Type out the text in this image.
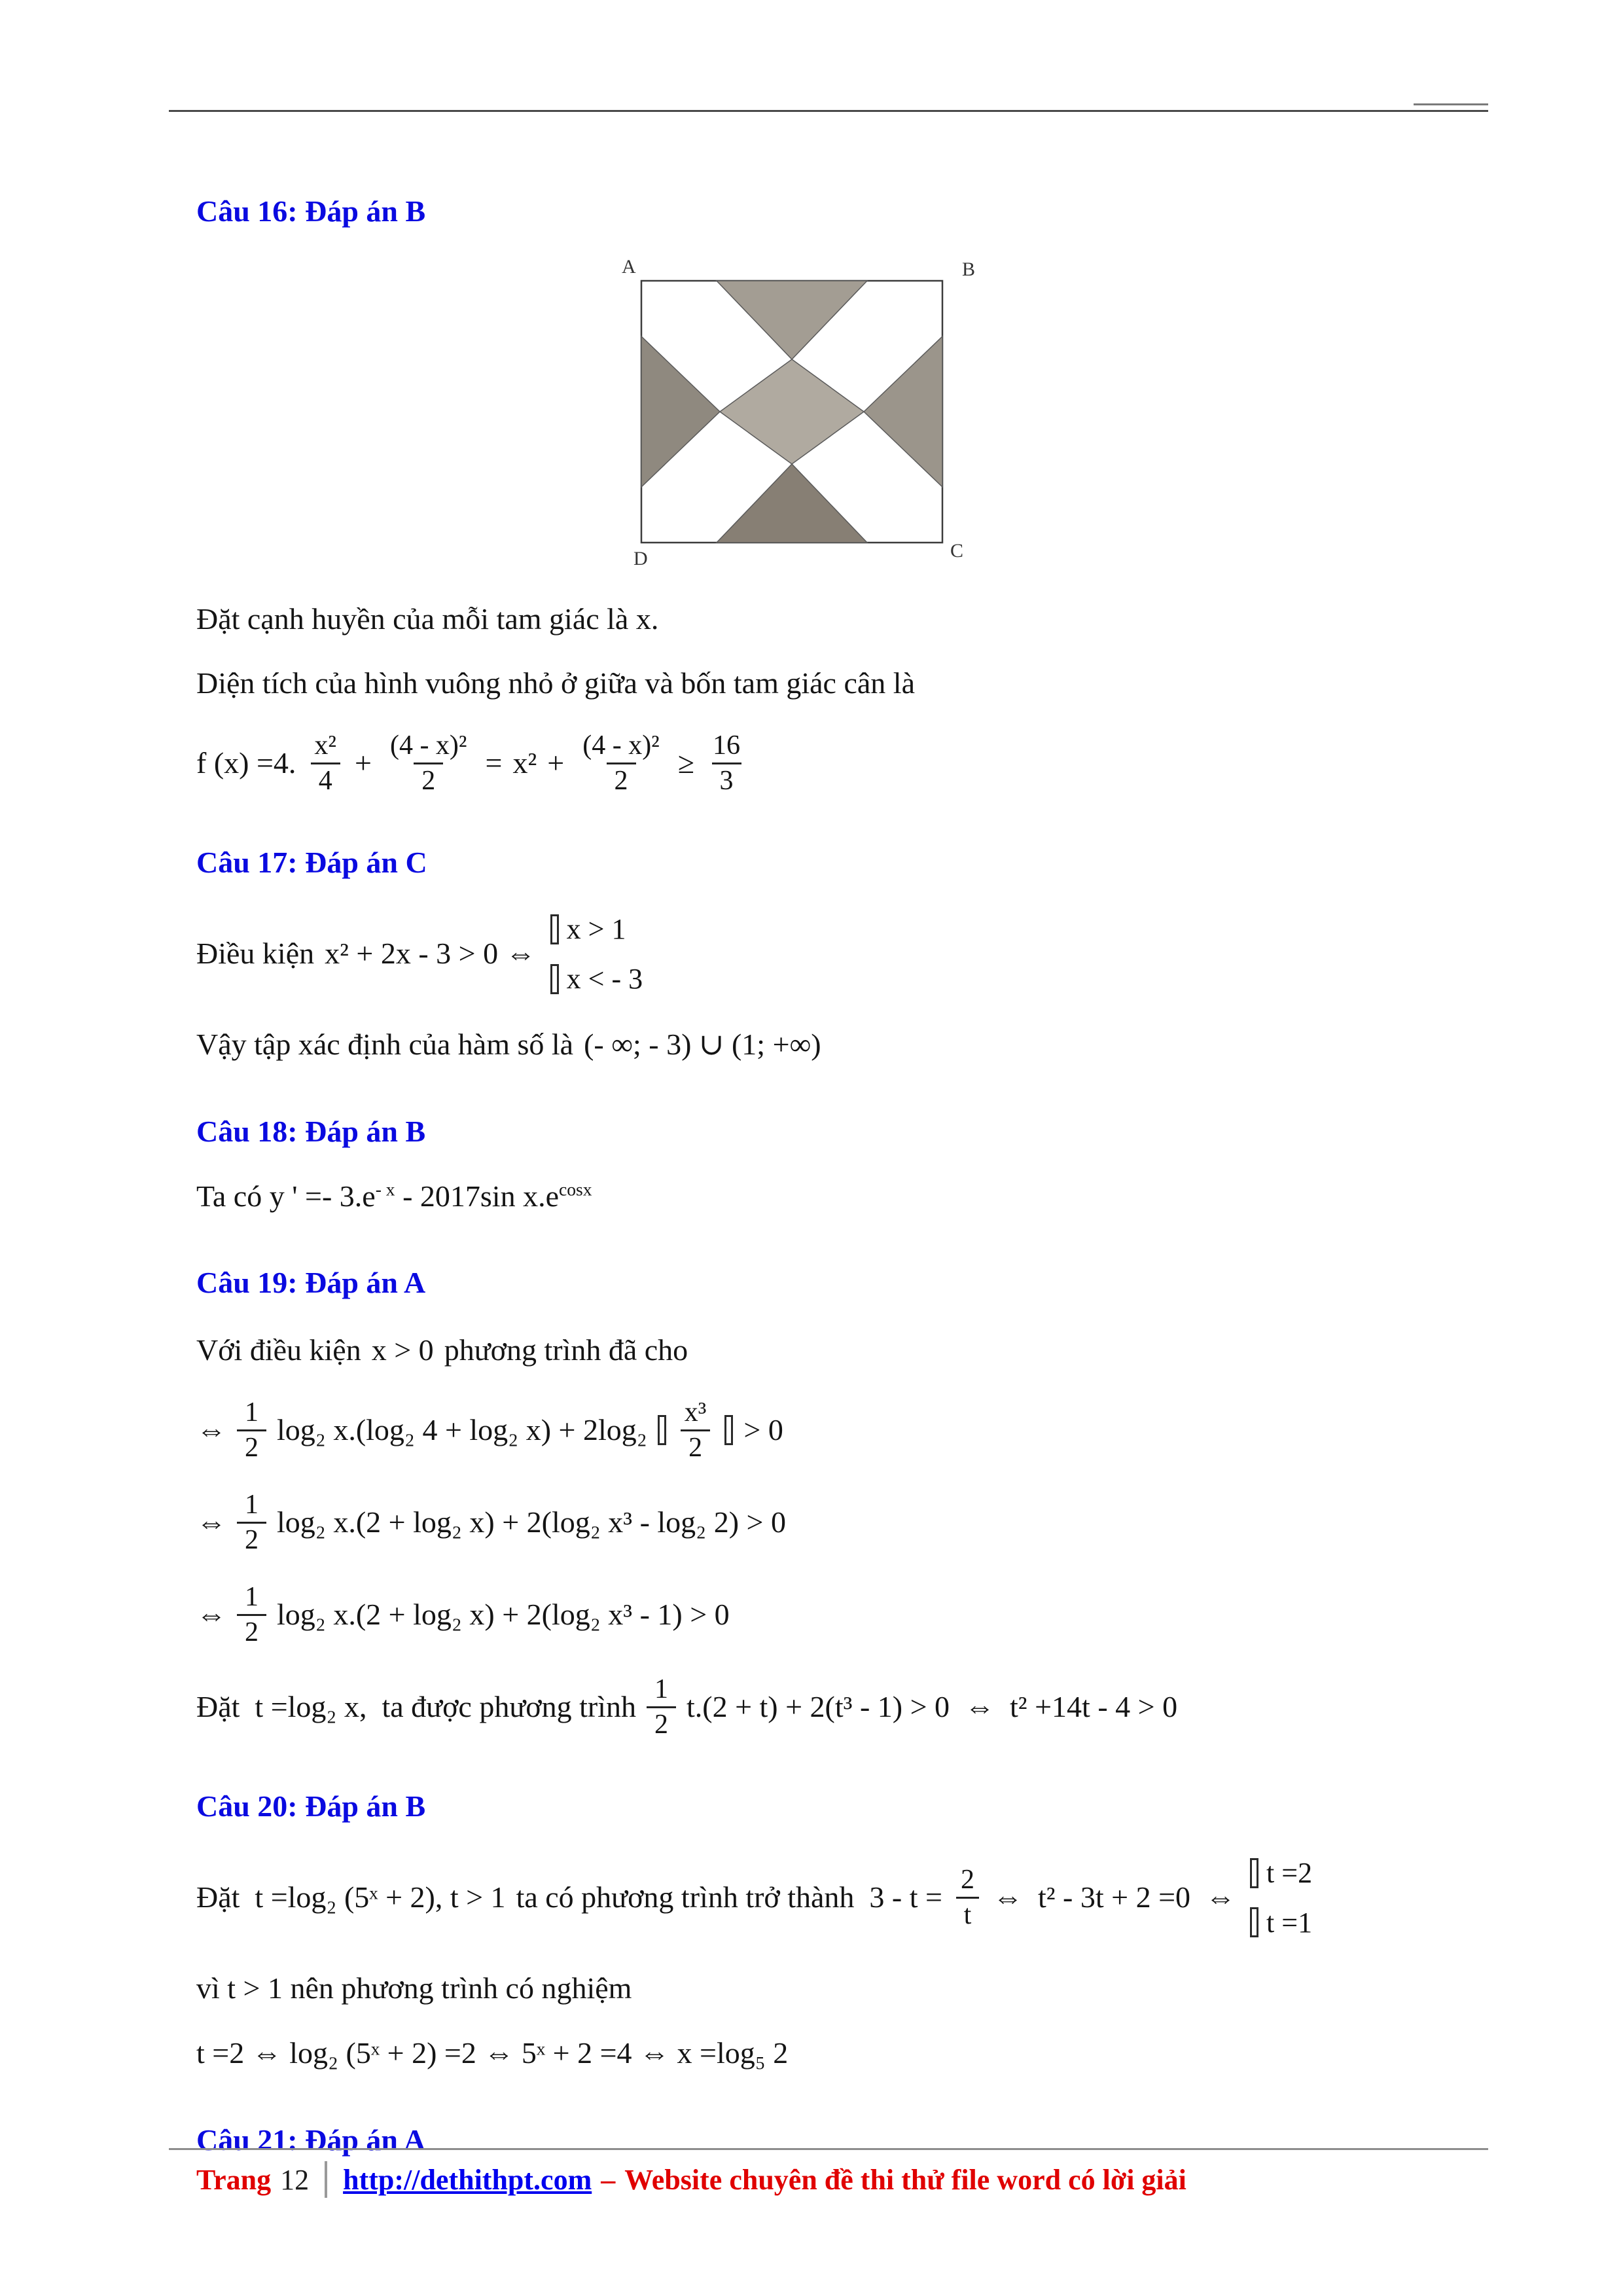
Câu 16: Đáp án B
A	B
C
D
Đặt cạnh huyền của mỗi tam giác là x.
Diện tích của hình vuông nhỏ ở giữa và bốn tam giác cân là
f (x) =4. $\frac{\text{x²}}{4} + \frac{\text{(4 - x)²}}{2} = x^2 + \frac{\text{(4 - x)²}}{2} \ge \frac{16}{3}$
Câu 17: Đáp án C
Điều kiện x² + 2x - 3 > 0 ⇔
x > 1
x < - 3
Vậy tập xác định của hàm số là (- ∞; - 3) ∪ (1; +∞)
Câu 18: Đáp án B
Ta có y ' =- $3.e^{- x} - 2017\sin$ $x.e^{cosx}$
Câu 19: Đáp án A
Với điều kiện x > 0 phương trình đã cho
⇔ $\frac{1}{2} \log_2$ x.(log₂ 4 + log₂ $x) + 2\log_2 \frac{\text{x³}}{2} > 0$
⇔ $\frac{1}{2} \log_2$ x.(2 + log₂ x) + 2(log₂ x³ - log₂ 2) > 0
⇔ $\frac{1}{2} \log_2$ x.(2 + log₂ x) + 2(log₂ x³ - 1) > 0
Đặt  t =log₂ x,  ta được phương trình $\frac{1}{2} t.(2 + t) + 2(t^3 - 1) > 0$  ⇔  t² +14t - 4 > 0
Câu 20: Đáp án B
Đặt  t =log₂ (5ˣ + 2), t > 1 ta có phương trình trở thành  $3 - t = \frac{2}{t}$ ⇔  t² - 3t + 2 =0  ⇔
t =2
t =1
vì t > 1 nên phương trình có nghiệm
t =2 ⇔ log₂ (5ˣ + 2) =2 ⇔ 5ˣ + 2 =4 ⇔ x =log₅ 2
Câu 21: Đáp án A
Trang 12 http://dethithpt.com – Website chuyên đề thi thử file word có lời giải
